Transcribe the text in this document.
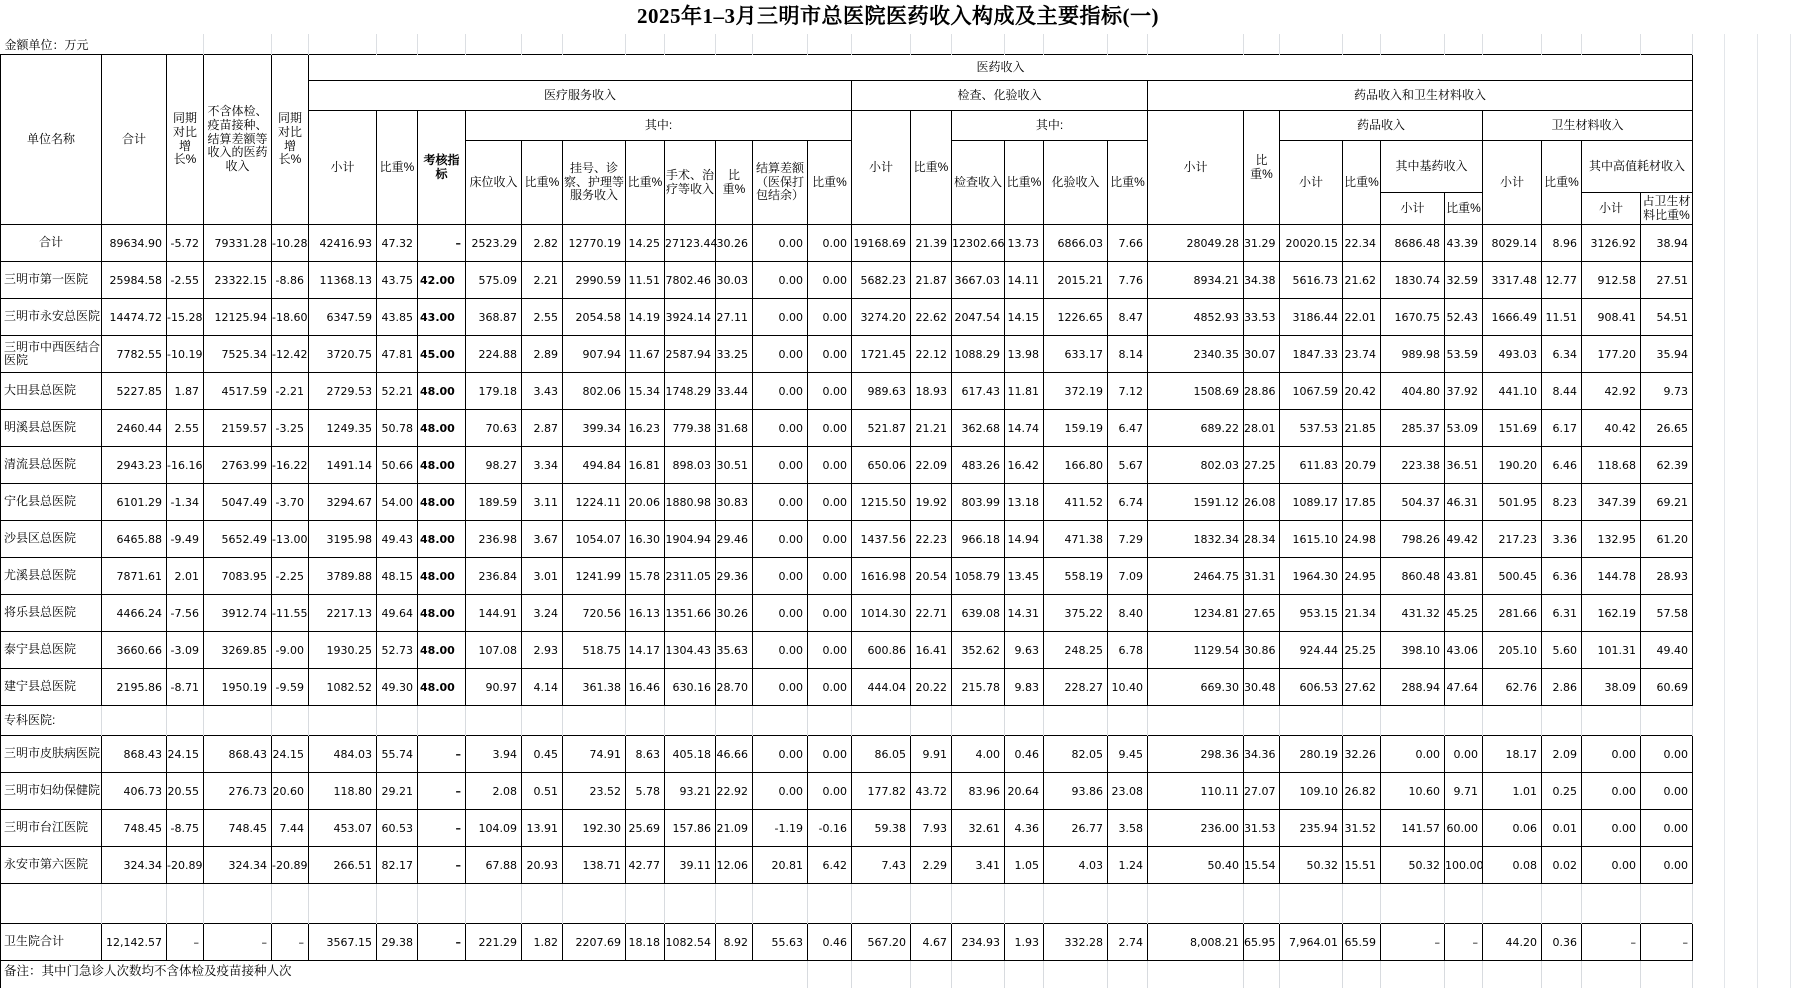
2025年1–3月三明市总医院医药收入构成及主要指标(一)
金额单位：万元																															
单位名称	合计	同期对比增长%	不含体检、疫苗接种、结算差额等收入的医药收入	同期对比增长%	医药收入																										
					医疗服务收入											检查、化验收入						药品收入和卫生材料收入									
					小计	比重%	考核指标	其中:								小计	比重%	其中:				小计	比重%	药品收入				卫生材料收入			
								床位收入	比重%	挂号、诊察、护理等服务收入	比重%	手术、治疗等收入	比重%	结算差额（医保打包结余）	比重%			检查收入	比重%	化验收入	比重%			小计	比重%	其中基药收入		小计	比重%	其中高值耗材收入	
																										小计	比重%			小计	占卫生材料比重%
合计	89634.90	-5.72	79331.28	-10.28	42416.93	47.32	–	2523.29	2.82	12770.19	14.25	27123.44	30.26	0.00	0.00	19168.69	21.39	12302.66	13.73	6866.03	7.66	28049.28	31.29	20020.15	22.34	8686.48	43.39	8029.14	8.96	3126.92	38.94
三明市第一医院	25984.58	-2.55	23322.15	-8.86	11368.13	43.75	42.00	575.09	2.21	2990.59	11.51	7802.46	30.03	0.00	0.00	5682.23	21.87	3667.03	14.11	2015.21	7.76	8934.21	34.38	5616.73	21.62	1830.74	32.59	3317.48	12.77	912.58	27.51
三明市永安总医院	14474.72	-15.28	12125.94	-18.60	6347.59	43.85	43.00	368.87	2.55	2054.58	14.19	3924.14	27.11	0.00	0.00	3274.20	22.62	2047.54	14.15	1226.65	8.47	4852.93	33.53	3186.44	22.01	1670.75	52.43	1666.49	11.51	908.41	54.51
三明市中西医结合医院	7782.55	-10.19	7525.34	-12.42	3720.75	47.81	45.00	224.88	2.89	907.94	11.67	2587.94	33.25	0.00	0.00	1721.45	22.12	1088.29	13.98	633.17	8.14	2340.35	30.07	1847.33	23.74	989.98	53.59	493.03	6.34	177.20	35.94
大田县总医院	5227.85	1.87	4517.59	-2.21	2729.53	52.21	48.00	179.18	3.43	802.06	15.34	1748.29	33.44	0.00	0.00	989.63	18.93	617.43	11.81	372.19	7.12	1508.69	28.86	1067.59	20.42	404.80	37.92	441.10	8.44	42.92	9.73
明溪县总医院	2460.44	2.55	2159.57	-3.25	1249.35	50.78	48.00	70.63	2.87	399.34	16.23	779.38	31.68	0.00	0.00	521.87	21.21	362.68	14.74	159.19	6.47	689.22	28.01	537.53	21.85	285.37	53.09	151.69	6.17	40.42	26.65
清流县总医院	2943.23	-16.16	2763.99	-16.22	1491.14	50.66	48.00	98.27	3.34	494.84	16.81	898.03	30.51	0.00	0.00	650.06	22.09	483.26	16.42	166.80	5.67	802.03	27.25	611.83	20.79	223.38	36.51	190.20	6.46	118.68	62.39
宁化县总医院	6101.29	-1.34	5047.49	-3.70	3294.67	54.00	48.00	189.59	3.11	1224.11	20.06	1880.98	30.83	0.00	0.00	1215.50	19.92	803.99	13.18	411.52	6.74	1591.12	26.08	1089.17	17.85	504.37	46.31	501.95	8.23	347.39	69.21
沙县区总医院	6465.88	-9.49	5652.49	-13.00	3195.98	49.43	48.00	236.98	3.67	1054.07	16.30	1904.94	29.46	0.00	0.00	1437.56	22.23	966.18	14.94	471.38	7.29	1832.34	28.34	1615.10	24.98	798.26	49.42	217.23	3.36	132.95	61.20
尤溪县总医院	7871.61	2.01	7083.95	-2.25	3789.88	48.15	48.00	236.84	3.01	1241.99	15.78	2311.05	29.36	0.00	0.00	1616.98	20.54	1058.79	13.45	558.19	7.09	2464.75	31.31	1964.30	24.95	860.48	43.81	500.45	6.36	144.78	28.93
将乐县总医院	4466.24	-7.56	3912.74	-11.55	2217.13	49.64	48.00	144.91	3.24	720.56	16.13	1351.66	30.26	0.00	0.00	1014.30	22.71	639.08	14.31	375.22	8.40	1234.81	27.65	953.15	21.34	431.32	45.25	281.66	6.31	162.19	57.58
泰宁县总医院	3660.66	-3.09	3269.85	-9.00	1930.25	52.73	48.00	107.08	2.93	518.75	14.17	1304.43	35.63	0.00	0.00	600.86	16.41	352.62	9.63	248.25	6.78	1129.54	30.86	924.44	25.25	398.10	43.06	205.10	5.60	101.31	49.40
建宁县总医院	2195.86	-8.71	1950.19	-9.59	1082.52	49.30	48.00	90.97	4.14	361.38	16.46	630.16	28.70	0.00	0.00	444.04	20.22	215.78	9.83	228.27	10.40	669.30	30.48	606.53	27.62	288.94	47.64	62.76	2.86	38.09	60.69
专科医院:																															
三明市皮肤病医院	868.43	24.15	868.43	24.15	484.03	55.74	–	3.94	0.45	74.91	8.63	405.18	46.66	0.00	0.00	86.05	9.91	4.00	0.46	82.05	9.45	298.36	34.36	280.19	32.26	0.00	0.00	18.17	2.09	0.00	0.00
三明市妇幼保健院	406.73	20.55	276.73	20.60	118.80	29.21	–	2.08	0.51	23.52	5.78	93.21	22.92	0.00	0.00	177.82	43.72	83.96	20.64	93.86	23.08	110.11	27.07	109.10	26.82	10.60	9.71	1.01	0.25	0.00	0.00
三明市台江医院	748.45	-8.75	748.45	7.44	453.07	60.53	–	104.09	13.91	192.30	25.69	157.86	21.09	-1.19	-0.16	59.38	7.93	32.61	4.36	26.77	3.58	236.00	31.53	235.94	31.52	141.57	60.00	0.06	0.01	0.00	0.00
永安市第六医院	324.34	-20.89	324.34	-20.89	266.51	82.17	–	67.88	20.93	138.71	42.77	39.11	12.06	20.81	6.42	7.43	2.29	3.41	1.05	4.03	1.24	50.40	15.54	50.32	15.51	50.32	100.00	0.08	0.02	0.00	0.00

卫生院合计	12,142.57	–	–	–	3567.15	29.38	–	221.29	1.82	2207.69	18.18	1082.54	8.92	55.63	0.46	567.20	4.67	234.93	1.93	332.28	2.74	8,008.21	65.95	7,964.01	65.59	–	–	44.20	0.36	–	–
备注：其中门急诊人次数均不含体检及疫苗接种人次																															
